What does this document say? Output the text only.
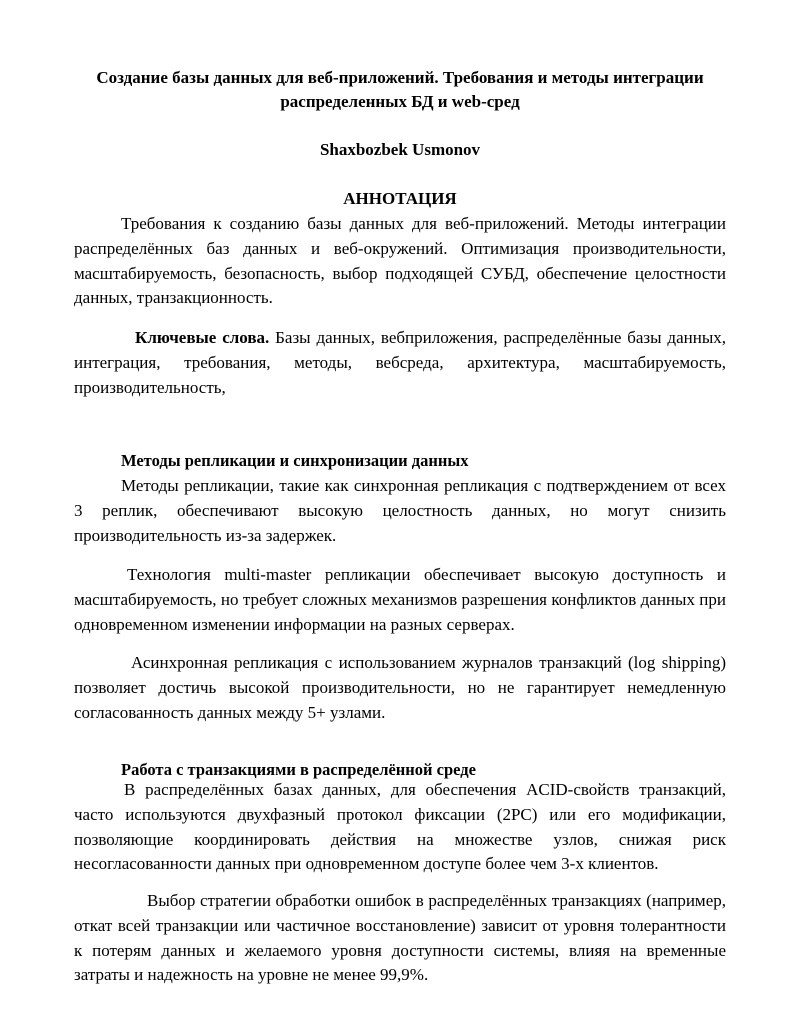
Создание базы данных для веб-приложений. Требования и методы интеграции распределенных БД и web-сред
Shaxbozbek Usmonov
АННОТАЦИЯ

Требования к созданию базы данных для веб-приложений. Методы интеграции распределённых баз данных и веб-окружений. Оптимизация производительности, масштабируемость, безопасность, выбор подходящей СУБД, обеспечение целостности данных, транзакционность.

Ключевые слова. Базы данных, вебприложения, распределённые базы данных, интеграция, требования, методы, вебсреда, архитектура, масштабируемость, производительность,

Методы репликации и синхронизации данных

Методы репликации, такие как синхронная репликация с подтверждением от всех 3 реплик, обеспечивают высокую целостность данных, но могут снизить производительность из-за задержек.

Технология multi-master репликации обеспечивает высокую доступность и масштабируемость, но требует сложных механизмов разрешения конфликтов данных при одновременном изменении информации на разных серверах.

Асинхронная репликация с использованием журналов транзакций (log shipping) позволяет достичь высокой производительности, но не гарантирует немедленную согласованность данных между 5+ узлами.

Работа с транзакциями в распределённой среде

В распределённых базах данных, для обеспечения ACID-свойств транзакций, часто используются двухфазный протокол фиксации (2PC) или его модификации, позволяющие координировать действия на множестве узлов, снижая риск несогласованности данных при одновременном доступе более чем 3-х клиентов.

Выбор стратегии обработки ошибок в распределённых транзакциях (например, откат всей транзакции или частичное восстановление) зависит от уровня толерантности к потерям данных и желаемого уровня доступности системы, влияя на временные затраты и надежность на уровне не менее 99,9%.
